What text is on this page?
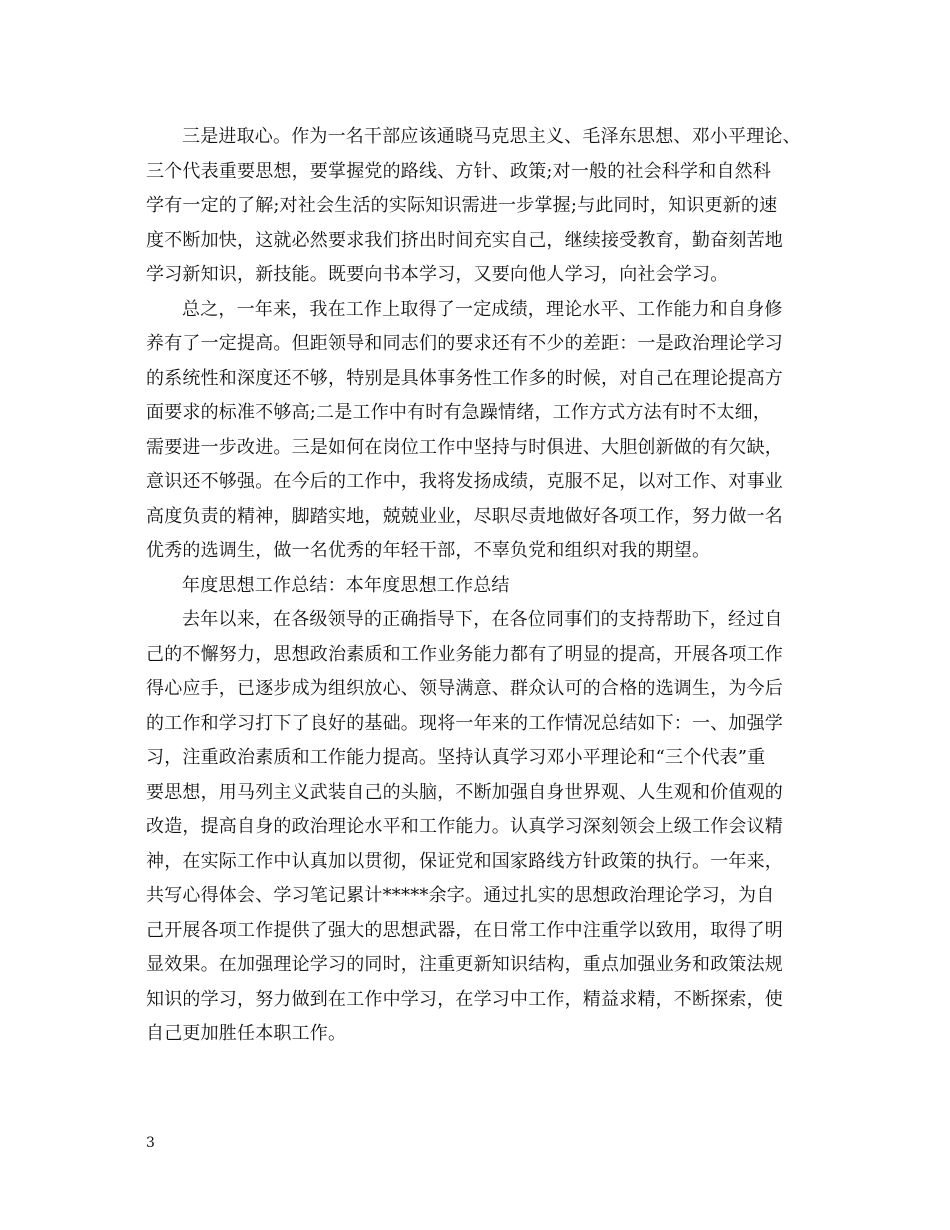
三是进取心。作为一名干部应该通晓马克思主义、毛泽东思想、邓小平理论、
三个代表重要思想，要掌握党的路线、方针、政策;对一般的社会科学和自然科
学有一定的了解;对社会生活的实际知识需进一步掌握;与此同时，知识更新的速
度不断加快，这就必然要求我们挤出时间充实自己，继续接受教育，勤奋刻苦地
学习新知识，新技能。既要向书本学习，又要向他人学习，向社会学习。
总之，一年来，我在工作上取得了一定成绩，理论水平、工作能力和自身修
养有了一定提高。但距领导和同志们的要求还有不少的差距：一是政治理论学习
的系统性和深度还不够，特别是具体事务性工作多的时候，对自己在理论提高方
面要求的标准不够高;二是工作中有时有急躁情绪，工作方式方法有时不太细，
需要进一步改进。三是如何在岗位工作中坚持与时俱进、大胆创新做的有欠缺，
意识还不够强。在今后的工作中，我将发扬成绩，克服不足，以对工作、对事业
高度负责的精神，脚踏实地，兢兢业业，尽职尽责地做好各项工作，努力做一名
优秀的选调生，做一名优秀的年轻干部，不辜负党和组织对我的期望。
年度思想工作总结：本年度思想工作总结
去年以来，在各级领导的正确指导下，在各位同事们的支持帮助下，经过自
己的不懈努力，思想政治素质和工作业务能力都有了明显的提高，开展各项工作
得心应手，已逐步成为组织放心、领导满意、群众认可的合格的选调生，为今后
的工作和学习打下了良好的基础。现将一年来的工作情况总结如下：一、加强学
习，注重政治素质和工作能力提高。坚持认真学习邓小平理论和“三个代表”重
要思想，用马列主义武装自己的头脑，不断加强自身世界观、人生观和价值观的
改造，提高自身的政治理论水平和工作能力。认真学习深刻领会上级工作会议精
神，在实际工作中认真加以贯彻，保证党和国家路线方针政策的执行。一年来，
共写心得体会、学习笔记累计*****余字。通过扎实的思想政治理论学习，为自
己开展各项工作提供了强大的思想武器，在日常工作中注重学以致用，取得了明
显效果。在加强理论学习的同时，注重更新知识结构，重点加强业务和政策法规
知识的学习，努力做到在工作中学习，在学习中工作，精益求精，不断探索，使
自己更加胜任本职工作。
3
